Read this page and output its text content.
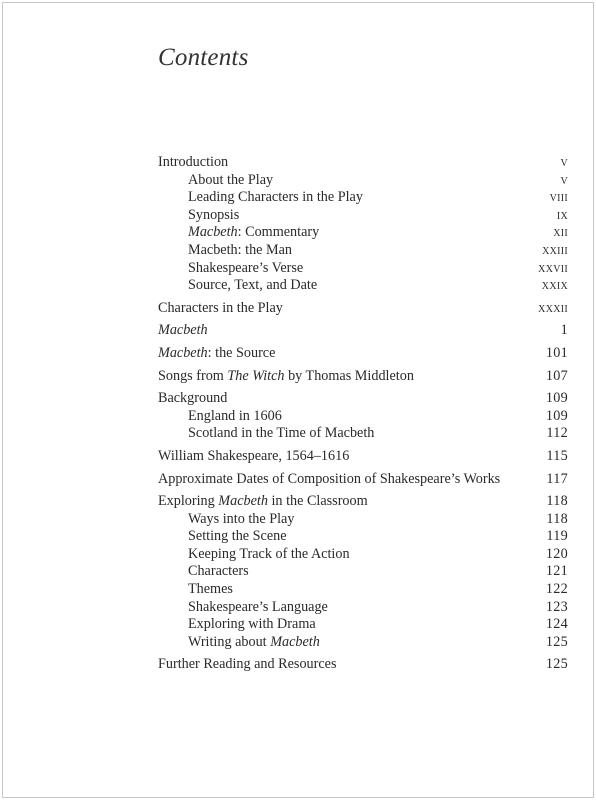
Contents
Introduction	v
About the Play	v
Leading Characters in the Play	viii
Synopsis	ix
Macbeth: Commentary	xii
Macbeth: the Man	xxiii
Shakespeare’s Verse	xxvii
Source, Text, and Date	xxix
Characters in the Play	xxxii
Macbeth	1
Macbeth: the Source	101
Songs from The Witch by Thomas Middleton	107
Background	109
England in 1606	109
Scotland in the Time of Macbeth	112
William Shakespeare, 1564–1616	115
Approximate Dates of Composition of Shakespeare’s Works	117
Exploring Macbeth in the Classroom	118
Ways into the Play	118
Setting the Scene	119
Keeping Track of the Action	120
Characters	121
Themes	122
Shakespeare’s Language	123
Exploring with Drama	124
Writing about Macbeth	125
Further Reading and Resources	125
